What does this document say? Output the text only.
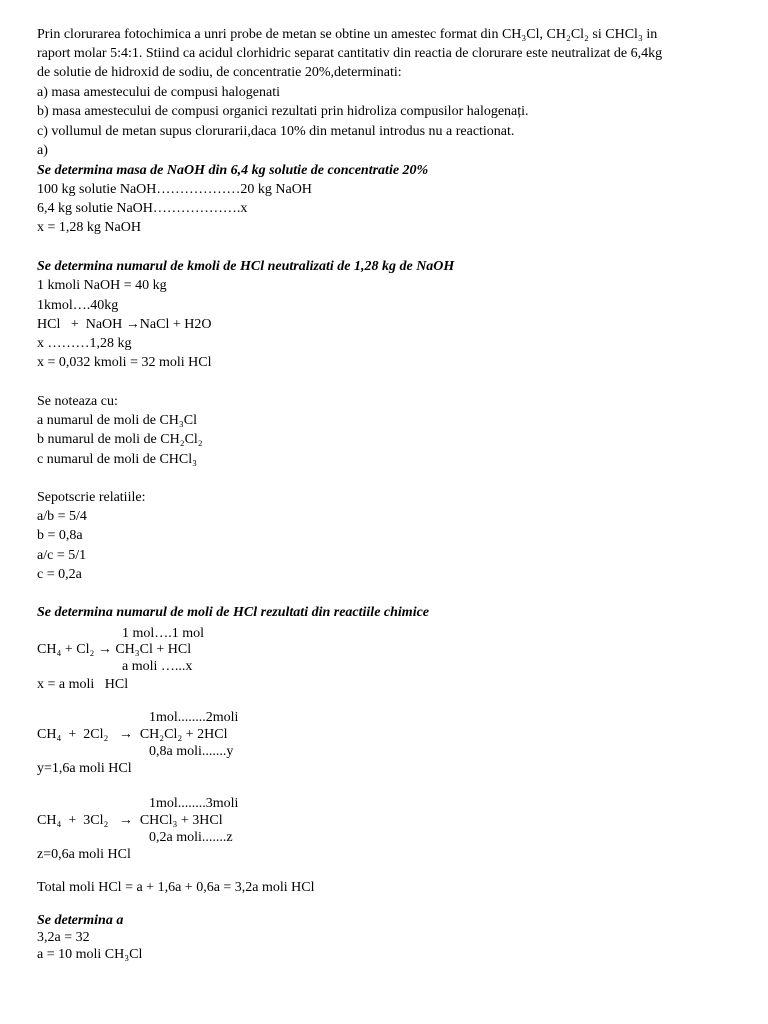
Prin clorurarea fotochimica a unri probe de metan se obtine un amestec format din CH₃Cl, CH₂Cl₂ si CHCl₃ in
raport molar 5:4:1. Stiind ca acidul clorhidric separat cantitativ din reactia de clorurare este neutralizat de 6,4kg
de solutie de hidroxid de sodiu, de concentratie 20%,determinati:
a) masa amestecului de compusi halogenati
b) masa amestecului de compusi organici rezultati prin hidroliza compusilor halogenați.
c) vollumul de metan supus clorurarii,daca 10% din metanul introdus nu a reactionat.
a)
Se determina masa de NaOH din 6,4 kg solutie de concentratie 20%
100 kg solutie NaOH………………20 kg NaOH
6,4 kg solutie NaOH……………….x
x = 1,28 kg NaOH
Se determina numarul de kmoli de HCl neutralizati de 1,28 kg de NaOH
1 kmoli NaOH = 40 kg
1kmol….40kg
HCl   +  NaOH →NaCl + H2O
x ………1,28 kg
x = 0,032 kmoli = 32 moli HCl
Se noteaza cu:
a numarul de moli de CH₃Cl
b numarul de moli de CH₂Cl₂
c numarul de moli de CHCl₃
Sepotscrie relatiile:
a/b = 5/4
b = 0,8a
a/c = 5/1
c = 0,2a
Se determina numarul de moli de HCl rezultati din reactiile chimice
1 mol….1 mol
CH₄ + Cl₂ → CH₃Cl + HCl
a moli …...x
x = a moli   HCl
1mol........2moli
CH₄  +  2Cl₂   →  CH₂Cl₂ + 2HCl
0,8a moli.......y
y=1,6a moli HCl
1mol........3moli
CH₄  +  3Cl₂   →  CHCl₃ + 3HCl
0,2a moli.......z
z=0,6a moli HCl
Total moli HCl = a + 1,6a + 0,6a = 3,2a moli HCl
Se determina a
3,2a = 32
a = 10 moli CH₃Cl
